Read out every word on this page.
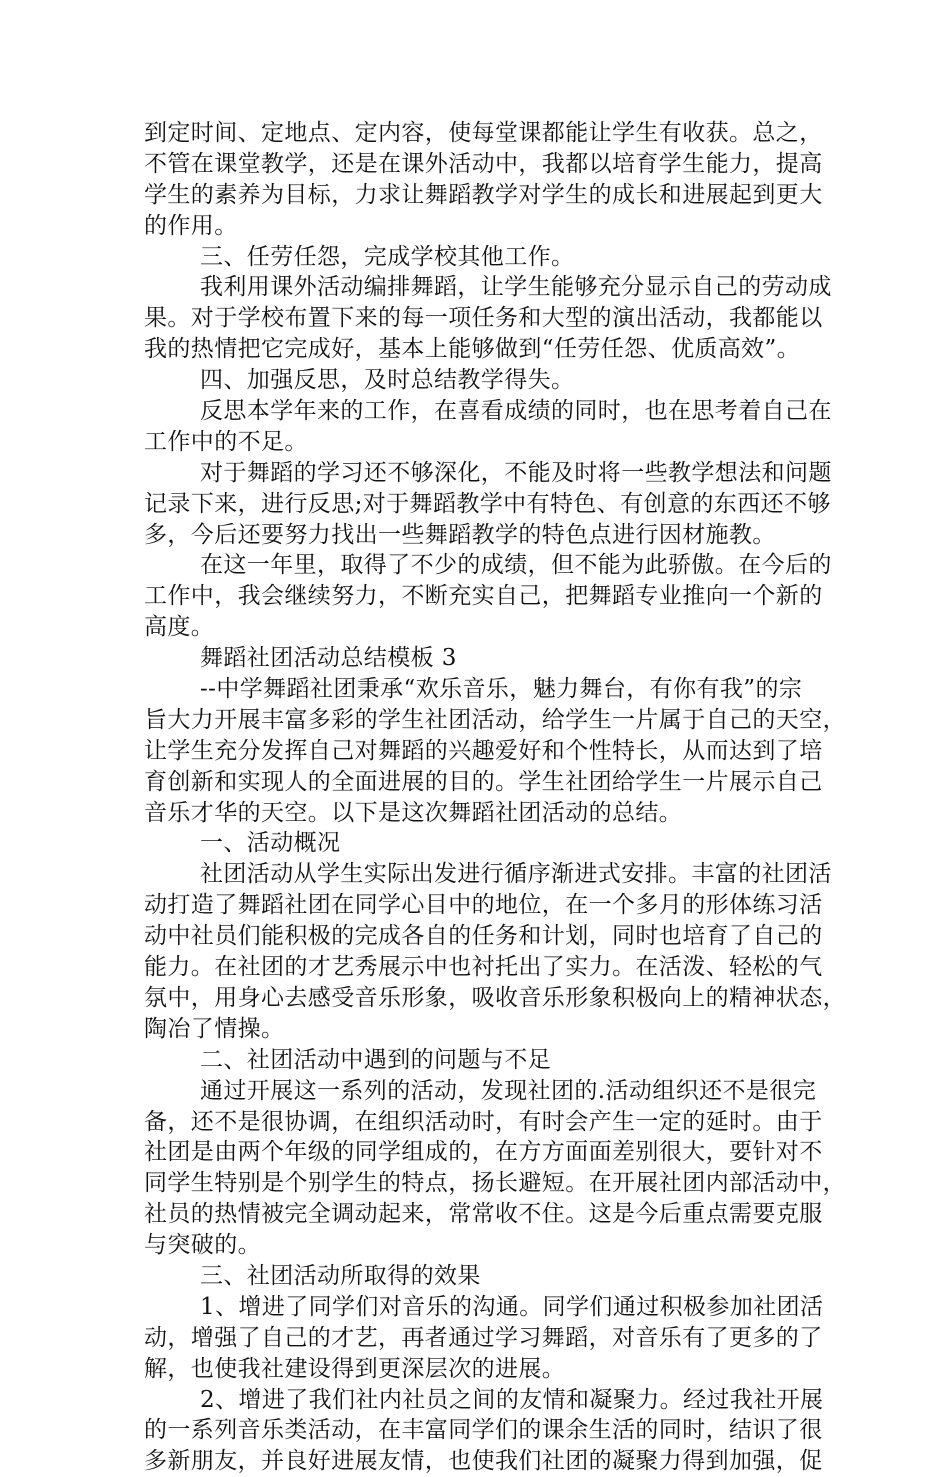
到定时间、定地点、定内容，使每堂课都能让学生有收获。总之，
不管在课堂教学，还是在课外活动中，我都以培育学生能力，提高
学生的素养为目标，力求让舞蹈教学对学生的成长和进展起到更大
的作用。
三、任劳任怨，完成学校其他工作。
我利用课外活动编排舞蹈，让学生能够充分显示自己的劳动成
果。对于学校布置下来的每一项任务和大型的演出活动，我都能以
我的热情把它完成好，基本上能够做到“任劳任怨、优质高效”。
四、加强反思，及时总结教学得失。
反思本学年来的工作，在喜看成绩的同时，也在思考着自己在
工作中的不足。
对于舞蹈的学习还不够深化，不能及时将一些教学想法和问题
记录下来，进行反思;对于舞蹈教学中有特色、有创意的东西还不够
多，今后还要努力找出一些舞蹈教学的特色点进行因材施教。
在这一年里，取得了不少的成绩，但不能为此骄傲。在今后的
工作中，我会继续努力，不断充实自己，把舞蹈专业推向一个新的
高度。
舞蹈社团活动总结模板 3
--中学舞蹈社团秉承“欢乐音乐，魅力舞台，有你有我”的宗
旨大力开展丰富多彩的学生社团活动，给学生一片属于自己的天空，
让学生充分发挥自己对舞蹈的兴趣爱好和个性特长，从而达到了培
育创新和实现人的全面进展的目的。学生社团给学生一片展示自己
音乐才华的天空。以下是这次舞蹈社团活动的总结。
一、活动概况
社团活动从学生实际出发进行循序渐进式安排。丰富的社团活
动打造了舞蹈社团在同学心目中的地位，在一个多月的形体练习活
动中社员们能积极的完成各自的任务和计划，同时也培育了自己的
能力。在社团的才艺秀展示中也衬托出了实力。在活泼、轻松的气
氛中，用身心去感受音乐形象，吸收音乐形象积极向上的精神状态，
陶冶了情操。
二、社团活动中遇到的问题与不足
通过开展这一系列的活动，发现社团的.活动组织还不是很完
备，还不是很协调，在组织活动时，有时会产生一定的延时。由于
社团是由两个年级的同学组成的，在方方面面差别很大，要针对不
同学生特别是个别学生的特点，扬长避短。在开展社团内部活动中，
社员的热情被完全调动起来，常常收不住。这是今后重点需要克服
与突破的。
三、社团活动所取得的效果
1、增进了同学们对音乐的沟通。同学们通过积极参加社团活
动，增强了自己的才艺，再者通过学习舞蹈，对音乐有了更多的了
解，也使我社建设得到更深层次的进展。
2、增进了我们社内社员之间的友情和凝聚力。经过我社开展
的一系列音乐类活动，在丰富同学们的课余生活的同时，结识了很
多新朋友，并良好进展友情，也使我们社团的凝聚力得到加强，促
